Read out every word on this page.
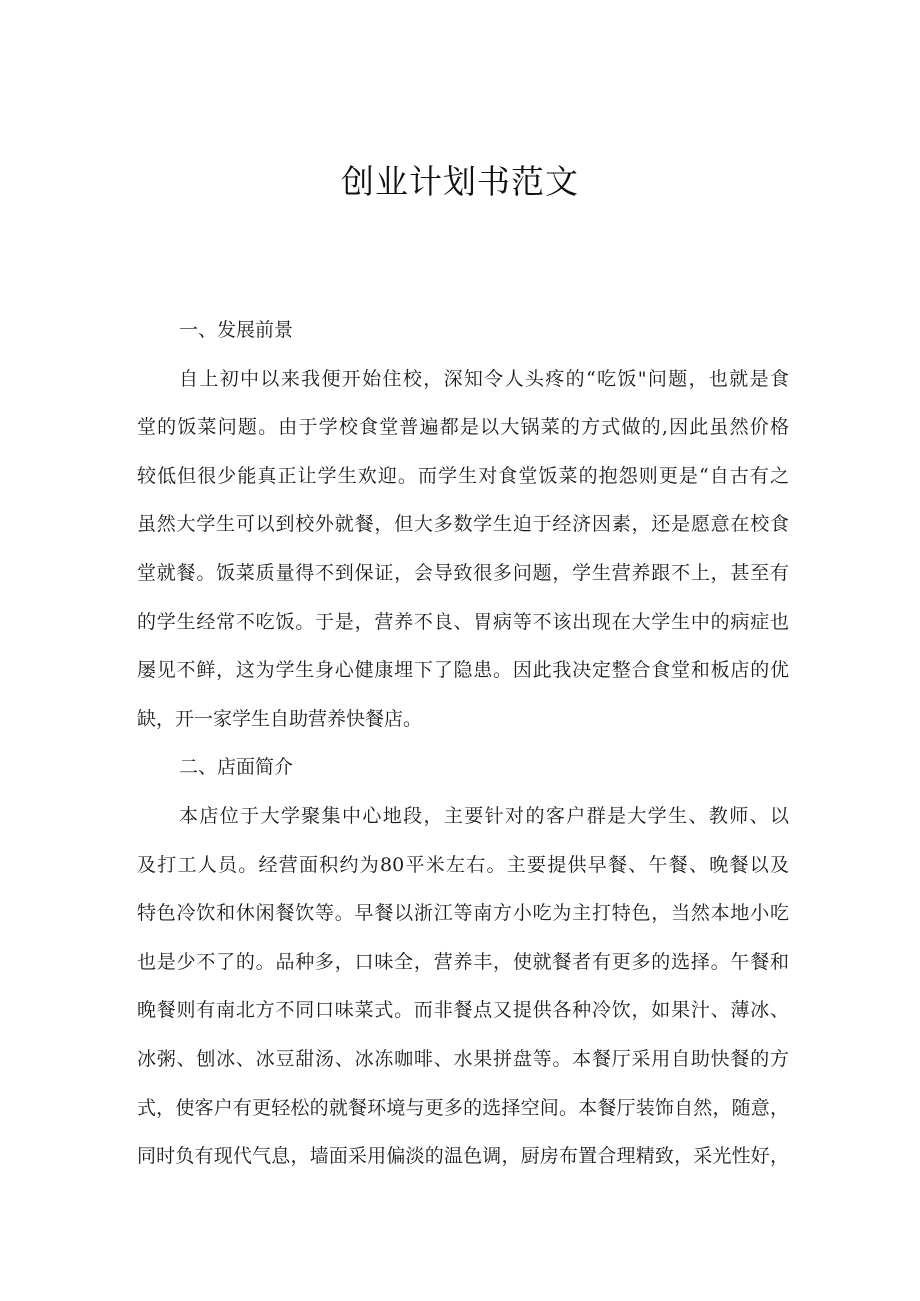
创业计划书范文
一、发展前景

自上初中以来我便开始住校，深知令人头疼的“吃饭"问题，也就是食
堂的饭菜问题。由于学校食堂普遍都是以大锅菜的方式做的,因此虽然价格
较低但很少能真正让学生欢迎。而学生对食堂饭菜的抱怨则更是“自古有之
虽然大学生可以到校外就餐，但大多数学生迫于经济因素，还是愿意在校食
堂就餐。饭菜质量得不到保证，会导致很多问题，学生营养跟不上，甚至有
的学生经常不吃饭。于是，营养不良、胃病等不该出现在大学生中的病症也
屡见不鲜，这为学生身心健康埋下了隐患。因此我决定整合食堂和板店的优
缺，开一家学生自助营养快餐店。

二、店面简介

本店位于大学聚集中心地段，主要针对的客户群是大学生、教师、以
及打工人员。经营面积约为80平米左右。主要提供早餐、午餐、晚餐以及
特色冷饮和休闲餐饮等。早餐以浙江等南方小吃为主打特色，当然本地小吃
也是少不了的。品种多，口味全，营养丰，使就餐者有更多的选择。午餐和
晚餐则有南北方不同口味菜式。而非餐点又提供各种冷饮，如果汁、薄冰、
冰粥、刨冰、冰豆甜汤、冰冻咖啡、水果拼盘等。本餐厅采用自助快餐的方
式，使客户有更轻松的就餐环境与更多的选择空间。本餐厅装饰自然，随意，
同时负有现代气息，墙面采用偏淡的温色调，厨房布置合理精致，采光性好，
